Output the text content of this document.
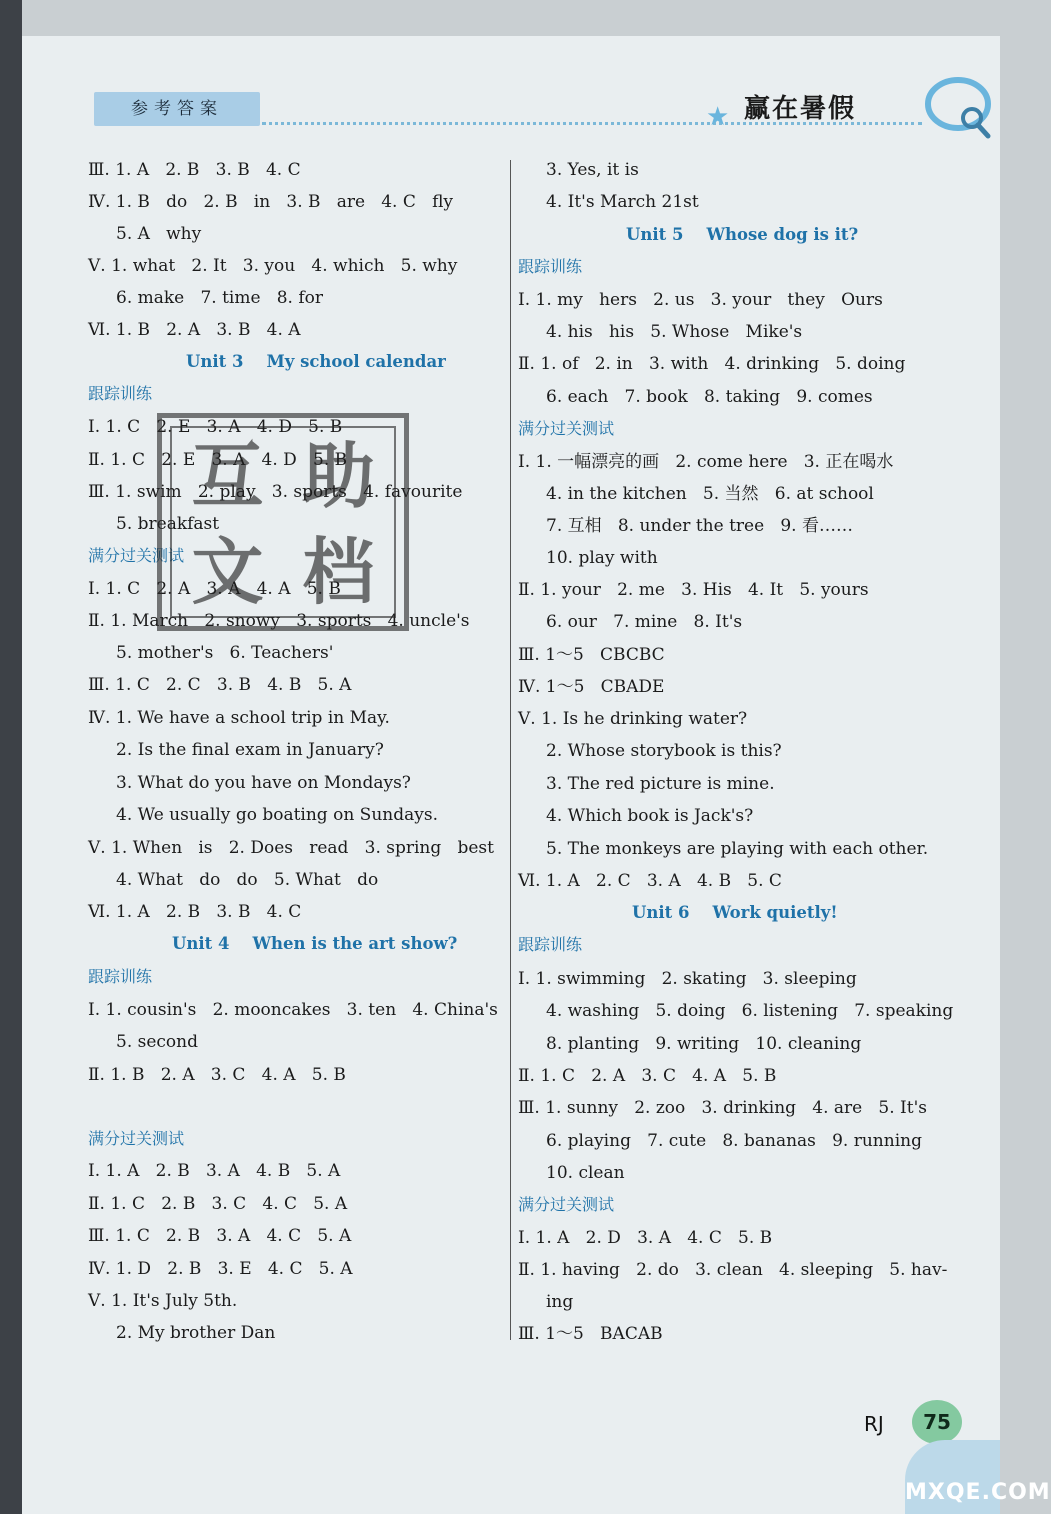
参考答案	★ 赢在暑假
Ⅲ. 1. A   2. B   3. B   4. C
Ⅳ. 1. B   do   2. B   in   3. B   are   4. C   fly
5. A   why
Ⅴ. 1. what   2. It   3. you   4. which   5. why
6. make   7. time   8. for
Ⅵ. 1. B   2. A   3. B   4. A
Unit 3    My school calendar
跟踪训练
Ⅰ. 1. C   2. E   3. A   4. D   5. B
Ⅱ. 1. C   2. E   3. A   4. D   5. B
Ⅲ. 1. swim   2. play   3. sports   4. favourite
5. breakfast
满分过关测试
Ⅰ. 1. C   2. A   3. A   4. A   5. B
Ⅱ. 1. March   2. snowy   3. sports   4. uncle's
5. mother's   6. Teachers'
Ⅲ. 1. C   2. C   3. B   4. B   5. A
Ⅳ. 1. We have a school trip in May.
2. Is the final exam in January?
3. What do you have on Mondays?
4. We usually go boating on Sundays.
Ⅴ. 1. When   is   2. Does   read   3. spring   best
4. What   do   do   5. What   do
Ⅵ. 1. A   2. B   3. B   4. C
Unit 4    When is the art show?
跟踪训练
Ⅰ. 1. cousin's   2. mooncakes   3. ten   4. China's
5. second
Ⅱ. 1. B   2. A   3. C   4. A   5. B
满分过关测试
Ⅰ. 1. A   2. B   3. A   4. B   5. A
Ⅱ. 1. C   2. B   3. C   4. C   5. A
Ⅲ. 1. C   2. B   3. A   4. C   5. A
Ⅳ. 1. D   2. B   3. E   4. C   5. A
Ⅴ. 1. It's July 5th.
2. My brother Dan
3. Yes, it is
4. It's March 21st
Unit 5    Whose dog is it?
跟踪训练
Ⅰ. 1. my   hers   2. us   3. your   they   Ours
4. his   his   5. Whose   Mike's
Ⅱ. 1. of   2. in   3. with   4. drinking   5. doing
6. each   7. book   8. taking   9. comes
满分过关测试
Ⅰ. 1. 一幅漂亮的画   2. come here   3. 正在喝水
4. in the kitchen   5. 当然   6. at school
7. 互相   8. under the tree   9. 看……
10. play with
Ⅱ. 1. your   2. me   3. His   4. It   5. yours
6. our   7. mine   8. It's
Ⅲ. 1～5   CBCBC
Ⅳ. 1～5   CBADE
Ⅴ. 1. Is he drinking water?
2. Whose storybook is this?
3. The red picture is mine.
4. Which book is Jack's?
5. The monkeys are playing with each other.
Ⅵ. 1. A   2. C   3. A   4. B   5. C
Unit 6    Work quietly!
跟踪训练
Ⅰ. 1. swimming   2. skating   3. sleeping
4. washing   5. doing   6. listening   7. speaking
8. planting   9. writing   10. cleaning
Ⅱ. 1. C   2. A   3. C   4. A   5. B
Ⅲ. 1. sunny   2. zoo   3. drinking   4. are   5. It's
6. playing   7. cute   8. bananas   9. running
10. clean
满分过关测试
Ⅰ. 1. A   2. D   3. A   4. C   5. B
Ⅱ. 1. having   2. do   3. clean   4. sleeping   5. hav-
ing
Ⅲ. 1～5   BACAB
互 助
文 档
RJ	75
MXQE.COM
